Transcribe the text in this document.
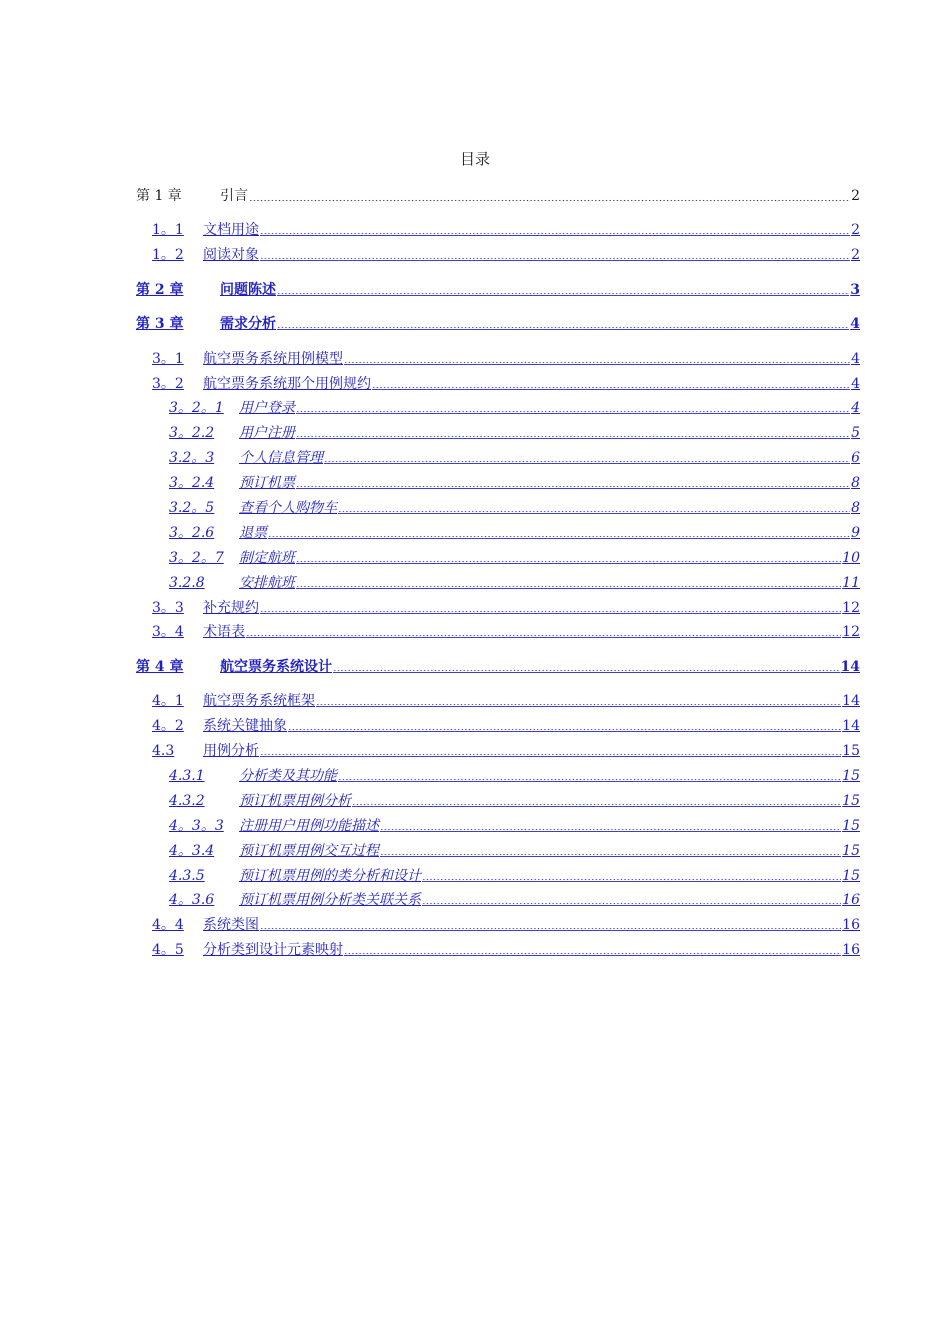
目录
第 1 章	引言	2
1。1	文档用途	2
1。2	阅读对象	2
第 2 章	问题陈述	3
第 3 章	需求分析	4
3。1	航空票务系统用例模型	4
3。2	航空票务系统那个用例规约	4
3。2。1	用户登录	4
3。2.2	用户注册	5
3.2。3	个人信息管理	6
3。2.4	预订机票	8
3.2。5	查看个人购物车	8
3。2.6	退票	9
3。2。7	制定航班	10
3.2.8	安排航班	11
3。3	补充规约	12
3。4	术语表	12
第 4 章	航空票务系统设计	14
4。1	航空票务系统框架	14
4。2	系统关键抽象	14
4.3	用例分析	15
4.3.1	分析类及其功能	15
4.3.2	预订机票用例分析	15
4。3。3	注册用户用例功能描述	15
4。3.4	预订机票用例交互过程	15
4.3.5	预订机票用例的类分析和设计	15
4。3.6	预订机票用例分析类关联关系	16
4。4	系统类图	16
4。5	分析类到设计元素映射	16
